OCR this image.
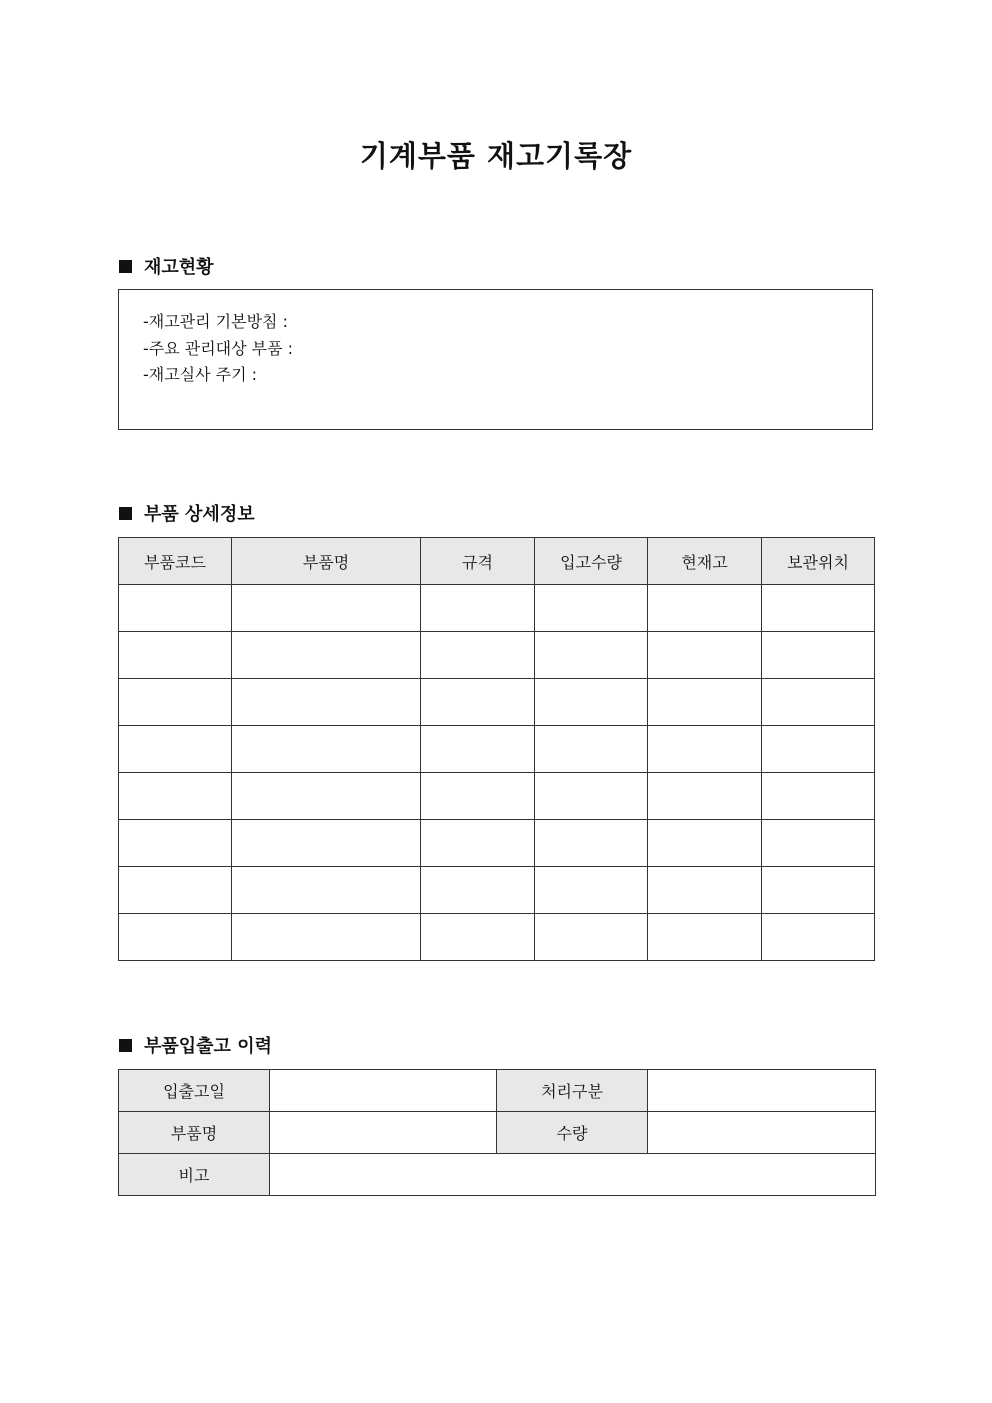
기계부품 재고기록장
재고현황
-재고관리 기본방침 :
-주요 관리대상 부품 :
-재고실사 주기 :
부품 상세정보
부품코드	부품명	규격	입고수량	현재고	보관위치

부품입출고 이력
입출고일		처리구분	
부품명		수량	
비고			
